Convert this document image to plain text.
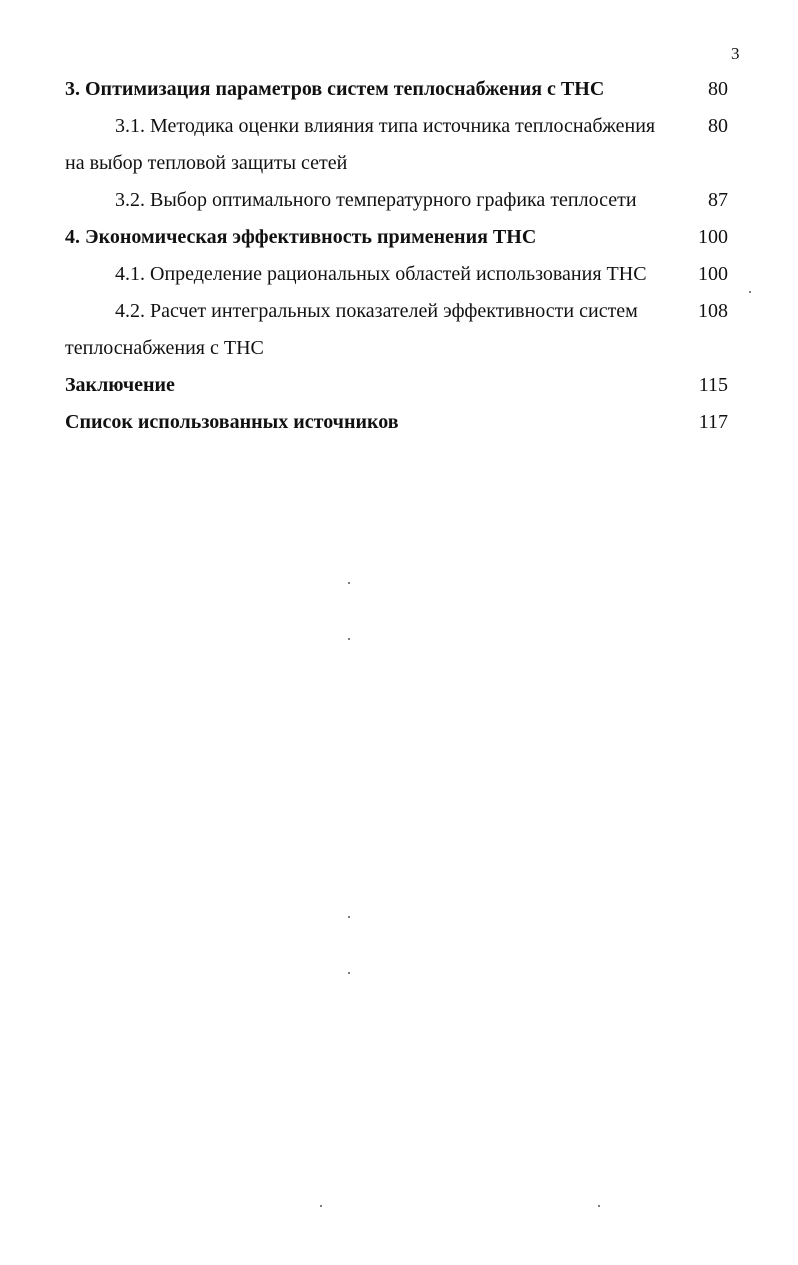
3
3. Оптимизация параметров систем теплоснабжения с ТНС	80
3.1. Методика оценки влияния типа источника теплоснабжения	80
на выбор тепловой защиты сетей
3.2. Выбор оптимального температурного графика теплосети	87
4. Экономическая эффективность применения ТНС	100
4.1. Определение рациональных областей использования ТНС	100
4.2. Расчет интегральных показателей эффективности систем	108
теплоснабжения с ТНС
Заключение	115
Список использованных источников	117
